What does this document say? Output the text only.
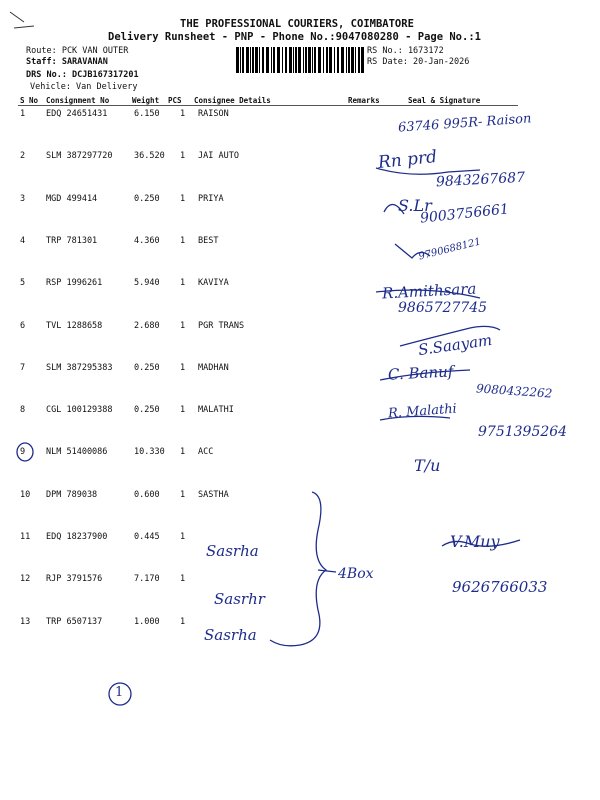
THE PROFESSIONAL COURIERS, COIMBATORE
Delivery Runsheet - PNP - Phone No.:9047080280 - Page No.:1
Route: PCK VAN OUTER
Staff: SARAVANAN
DRS No.: DCJB167317201
Vehicle: Van Delivery
RS No.: 1673172
RS Date: 20-Jan-2026
S No Consignment No	Weight PCS Consignee Details	Remarks	Seal & Signature
1 EDQ 24651431	6.150 1 RAISON
2 SLM 387297720	36.520 1 JAI AUTO
3 MGD 499414	0.250 1 PRIYA
4 TRP 781301	4.360 1 BEST
5 RSP 1996261	5.940 1 KAVIYA
6 TVL 1288658	2.680 1 PGR TRANS
7 SLM 387295383	0.250 1 MADHAN
8 CGL 100129388	0.250 1 MALATHI
9 NLM 51400086	10.330 1 ACC
10 DPM 789038	0.600 1 SASTHA
11 EDQ 18237900	0.445 1
12 RJP 3791576	7.170 1
13 TRP 6507137	1.000 1
63746 995R- Raison
Rn prd
9843267687
S.Lr
9003756661
9790688121
R.Amithsara
9865727745
S.Saayam
C. Banuf
9080432262
R. Malathi
9751395264
T/u
V.Muy
9626766033
Sasrha
Sasrhr
Sasrha
4Box
1
